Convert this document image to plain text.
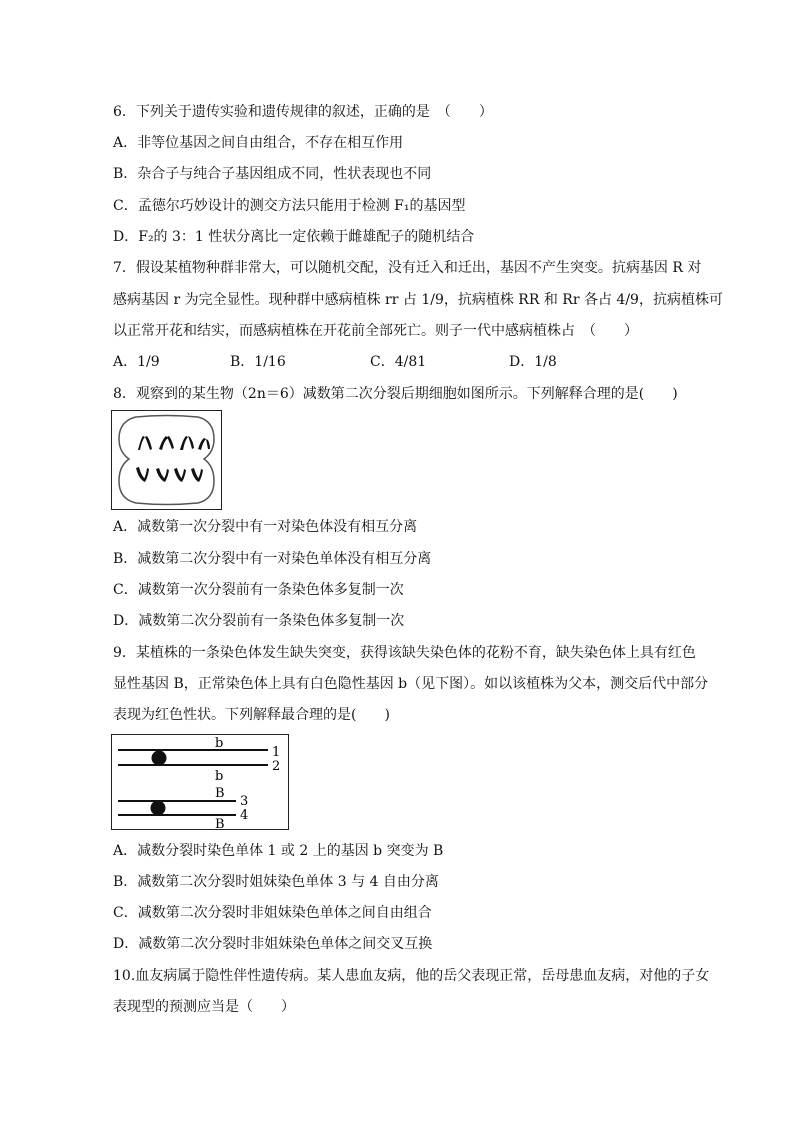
6．下列关于遗传实验和遗传规律的叙述，正确的是　（　　）
A．非等位基因之间自由组合，不存在相互作用
B．杂合子与纯合子基因组成不同，性状表现也不同
C．孟德尔巧妙设计的测交方法只能用于检测 F₁的基因型
D．F₂的 3：1 性状分离比一定依赖于雌雄配子的随机结合
7．假设某植物种群非常大，可以随机交配，没有迁入和迁出，基因不产生突变。抗病基因 R 对
感病基因 r 为完全显性。现种群中感病植株 rr 占 1/9，抗病植株 RR 和 Rr 各占 4/9，抗病植株可
以正常开花和结实，而感病植株在开花前全部死亡。则子一代中感病植株占　（　　）
A．1/9	B．1/16	C．4/81	D．1/8
8．观察到的某生物（2n＝6）减数第二次分裂后期细胞如图所示。下列解释合理的是(　　)
A．减数第一次分裂中有一对染色体没有相互分离
B．减数第二次分裂中有一对染色单体没有相互分离
C．减数第一次分裂前有一条染色体多复制一次
D．减数第二次分裂前有一条染色体多复制一次
9．某植株的一条染色体发生缺失突变，获得该缺失染色体的花粉不育，缺失染色体上具有红色
显性基因 B，正常染色体上具有白色隐性基因 b（见下图）。如以该植株为父本，测交后代中部分
表现为红色性状。下列解释最合理的是(　　)
b
1
2
b
B
3
4
B
A．减数分裂时染色单体 1 或 2 上的基因 b 突变为 B
B．减数第二次分裂时姐妹染色单体 3 与 4 自由分离
C．减数第二次分裂时非姐妹染色单体之间自由组合
D．减数第二次分裂时非姐妹染色单体之间交叉互换
10.血友病属于隐性伴性遗传病。某人患血友病，他的岳父表现正常，岳母患血友病，对他的子女
表现型的预测应当是（　　）
